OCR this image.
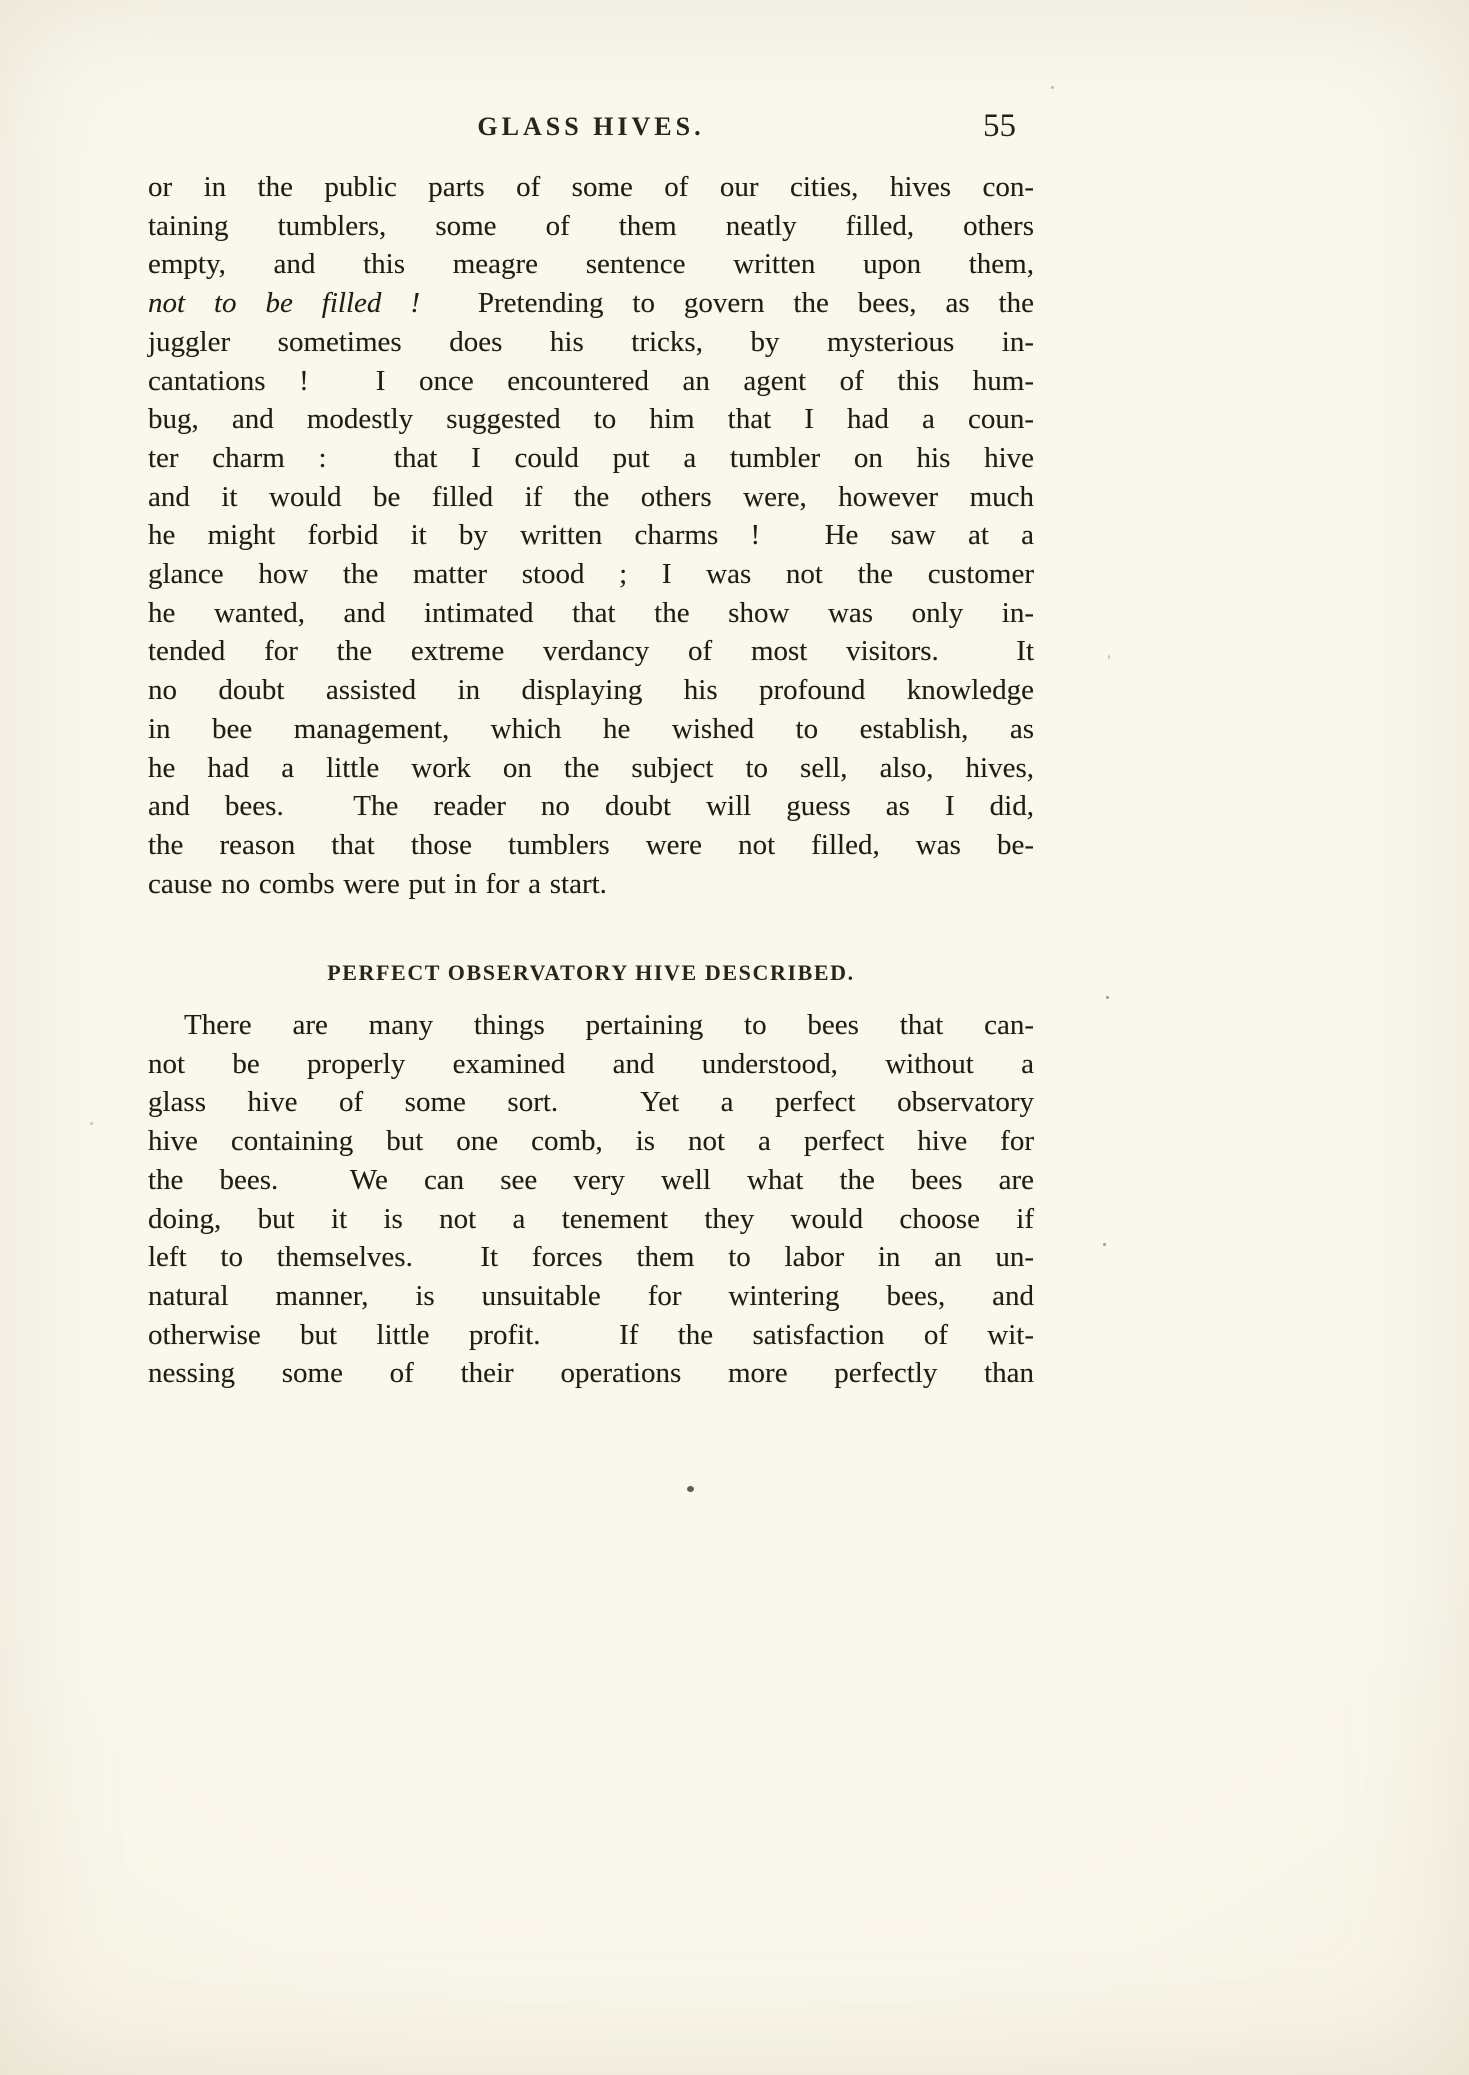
GLASS HIVES.	55
or in the public parts of some of our cities, hives con-
taining tumblers, some of them neatly filled, others
empty, and this meagre sentence written upon them,
not to be filled !  Pretending to govern the bees, as the
juggler sometimes does his tricks, by mysterious in-
cantations !  I once encountered an agent of this hum-
bug, and modestly suggested to him that I had a coun-
ter charm :  that I could put a tumbler on his hive
and it would be filled if the others were, however much
he might forbid it by written charms !  He saw at a
glance how the matter stood ; I was not the customer
he wanted, and intimated that the show was only in-
tended for the extreme verdancy of most visitors.  It
no doubt assisted in displaying his profound knowledge
in bee management, which he wished to establish, as
he had a little work on the subject to sell, also, hives,
and bees.  The reader no doubt will guess as I did,
the reason that those tumblers were not filled, was be-
cause no combs were put in for a start.
PERFECT OBSERVATORY HIVE DESCRIBED.
There are many things pertaining to bees that can-
not be properly examined and understood, without a
glass hive of some sort.  Yet a perfect observatory
hive containing but one comb, is not a perfect hive for
the bees.  We can see very well what the bees are
doing, but it is not a tenement they would choose if
left to themselves.  It forces them to labor in an un-
natural manner, is unsuitable for wintering bees, and
otherwise but little profit.  If the satisfaction of wit-
nessing some of their operations more perfectly than
